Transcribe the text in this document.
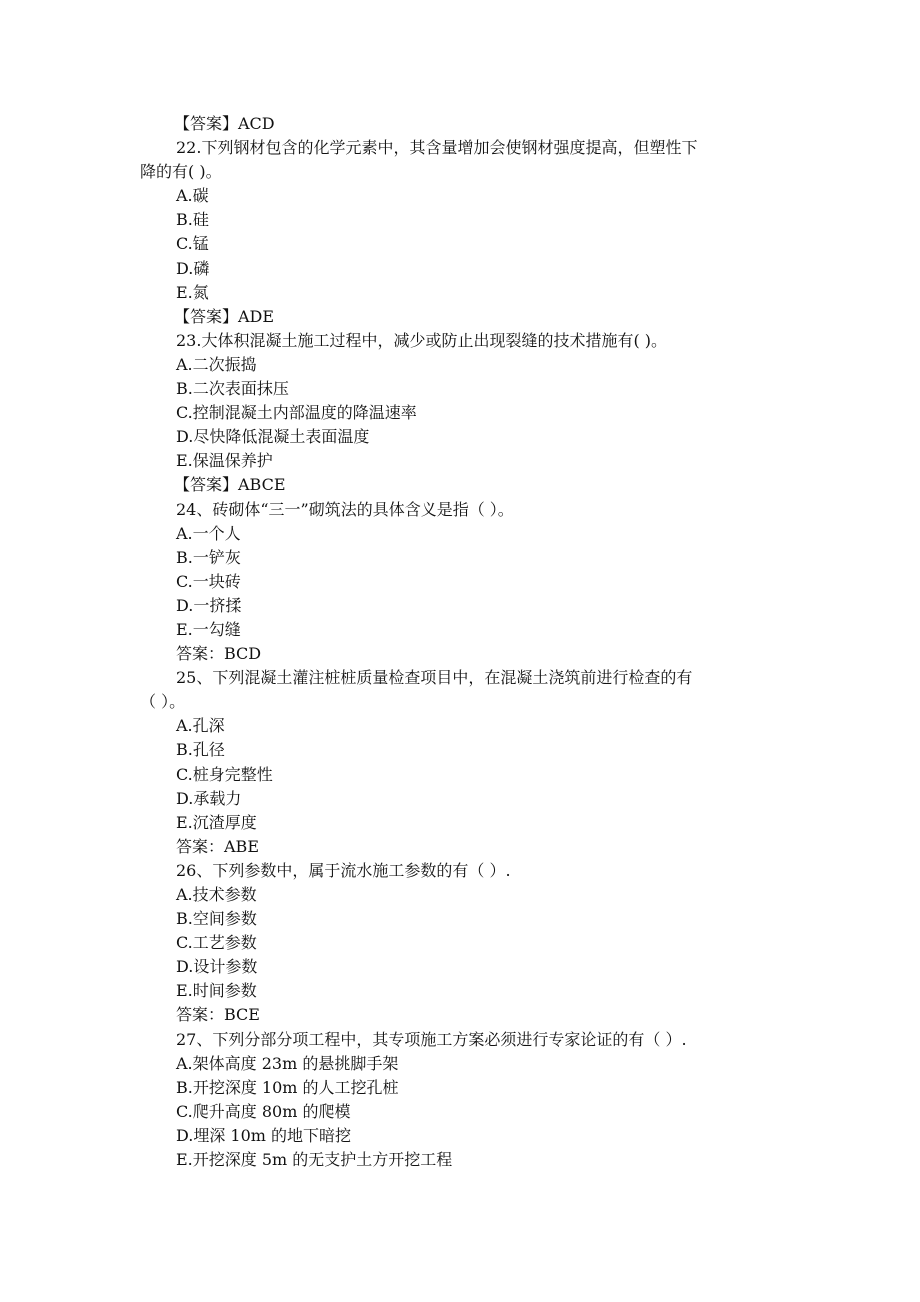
【答案】ACD
22.下列钢材包含的化学元素中，其含量增加会使钢材强度提高，但塑性下
降的有( )。
A.碳
B.硅
C.锰
D.磷
E.氮
【答案】ADE
23.大体积混凝土施工过程中，减少或防止出现裂缝的技术措施有( )。
A.二次振捣
B.二次表面抹压
C.控制混凝土内部温度的降温速率
D.尽快降低混凝土表面温度
E.保温保养护
【答案】ABCE
24、砖砌体“三一”砌筑法的具体含义是指（ ）。
A.一个人
B.一铲灰
C.一块砖
D.一挤揉
E.一勾缝
答案：BCD
25、下列混凝土灌注桩桩质量检查项目中，在混凝土浇筑前进行检查的有
（ ）。
A.孔深
B.孔径
C.桩身完整性
D.承载力
E.沉渣厚度
答案：ABE
26、下列参数中，属于流水施工参数的有（ ）.
A.技术参数
B.空间参数
C.工艺参数
D.设计参数
E.时间参数
答案：BCE
27、下列分部分项工程中，其专项施工方案必须进行专家论证的有（ ）.
A.架体高度 23m 的悬挑脚手架
B.开挖深度 10m 的人工挖孔桩
C.爬升高度 80m 的爬模
D.埋深 10m 的地下暗挖
E.开挖深度 5m 的无支护土方开挖工程
